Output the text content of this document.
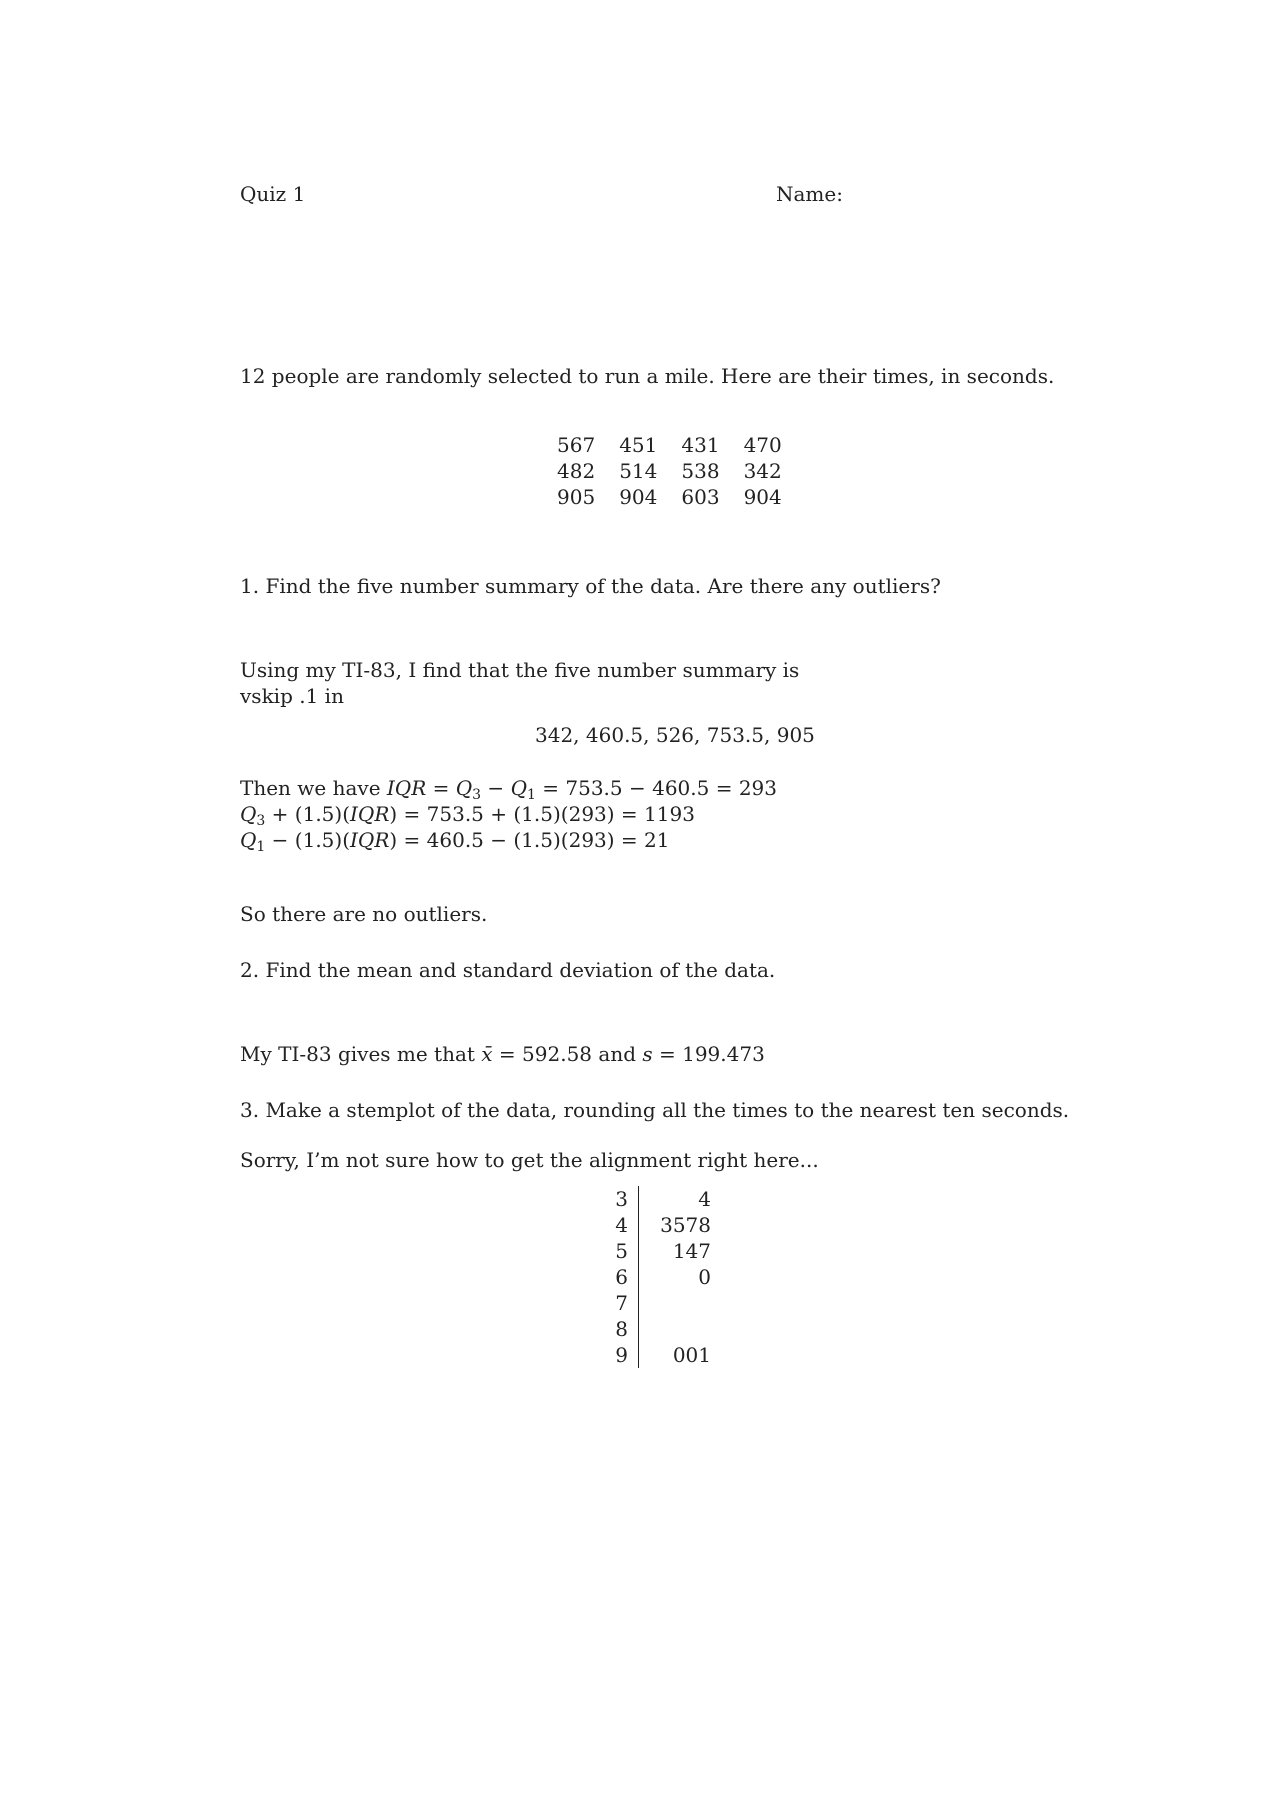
Quiz 1	Name:
12 people are randomly selected to run a mile. Here are their times, in seconds.
567	451	431	470
482	514	538	342
905	904	603	904
1. Find the five number summary of the data. Are there any outliers?
Using my TI-83, I find that the five number summary is
vskip .1 in
342, 460.5, 526, 753.5, 905
Then we have IQR = $Q_3 - Q_1 = 753.5 - 460.5 = 293$
$Q_3 + (1.5)(IQR) = 753.5 + (1.5)(293) = 1193$
$Q_1 - (1.5)(IQR) = 460.5 - (1.5)(293) = 21$
So there are no outliers.
2. Find the mean and standard deviation of the data.
My TI-83 gives me that x̄ = 592.58 and s = 199.473
3. Make a stemplot of the data, rounding all the times to the nearest ten seconds.
Sorry, I’m not sure how to get the alignment right here...
3	4
4	3578
5	147
6	0
7	
8	
9	001
